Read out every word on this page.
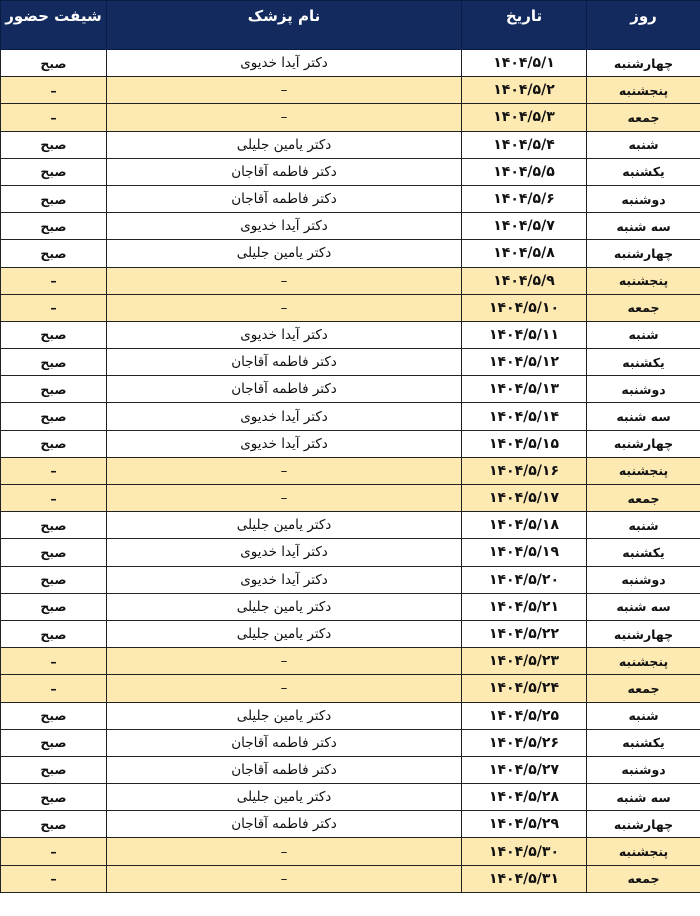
شیفت حضور	نام پزشک	تاریخ	روز
صبح	دکتر آیدا خدیوی	۱۴۰۴/۵/۱	چهارشنبه
–	–	۱۴۰۴/۵/۲	پنجشنبه
–	–	۱۴۰۴/۵/۳	جمعه
صبح	دکتر یامین جلیلی	۱۴۰۴/۵/۴	شنبه
صبح	دکتر فاطمه آقاجان	۱۴۰۴/۵/۵	یکشنبه
صبح	دکتر فاطمه آقاجان	۱۴۰۴/۵/۶	دوشنبه
صبح	دکتر آیدا خدیوی	۱۴۰۴/۵/۷	سه شنبه
صبح	دکتر یامین جلیلی	۱۴۰۴/۵/۸	چهارشنبه
–	–	۱۴۰۴/۵/۹	پنجشنبه
–	–	۱۴۰۴/۵/۱۰	جمعه
صبح	دکتر آیدا خدیوی	۱۴۰۴/۵/۱۱	شنبه
صبح	دکتر فاطمه آقاجان	۱۴۰۴/۵/۱۲	یکشنبه
صبح	دکتر فاطمه آقاجان	۱۴۰۴/۵/۱۳	دوشنبه
صبح	دکتر آیدا خدیوی	۱۴۰۴/۵/۱۴	سه شنبه
صبح	دکتر آیدا خدیوی	۱۴۰۴/۵/۱۵	چهارشنبه
–	–	۱۴۰۴/۵/۱۶	پنجشنبه
–	–	۱۴۰۴/۵/۱۷	جمعه
صبح	دکتر یامین جلیلی	۱۴۰۴/۵/۱۸	شنبه
صبح	دکتر آیدا خدیوی	۱۴۰۴/۵/۱۹	یکشنبه
صبح	دکتر آیدا خدیوی	۱۴۰۴/۵/۲۰	دوشنبه
صبح	دکتر یامین جلیلی	۱۴۰۴/۵/۲۱	سه شنبه
صبح	دکتر یامین جلیلی	۱۴۰۴/۵/۲۲	چهارشنبه
–	–	۱۴۰۴/۵/۲۳	پنجشنبه
–	–	۱۴۰۴/۵/۲۴	جمعه
صبح	دکتر یامین جلیلی	۱۴۰۴/۵/۲۵	شنبه
صبح	دکتر فاطمه آقاجان	۱۴۰۴/۵/۲۶	یکشنبه
صبح	دکتر فاطمه آقاجان	۱۴۰۴/۵/۲۷	دوشنبه
صبح	دکتر یامین جلیلی	۱۴۰۴/۵/۲۸	سه شنبه
صبح	دکتر فاطمه آقاجان	۱۴۰۴/۵/۲۹	چهارشنبه
–	–	۱۴۰۴/۵/۳۰	پنجشنبه
–	–	۱۴۰۴/۵/۳۱	جمعه
